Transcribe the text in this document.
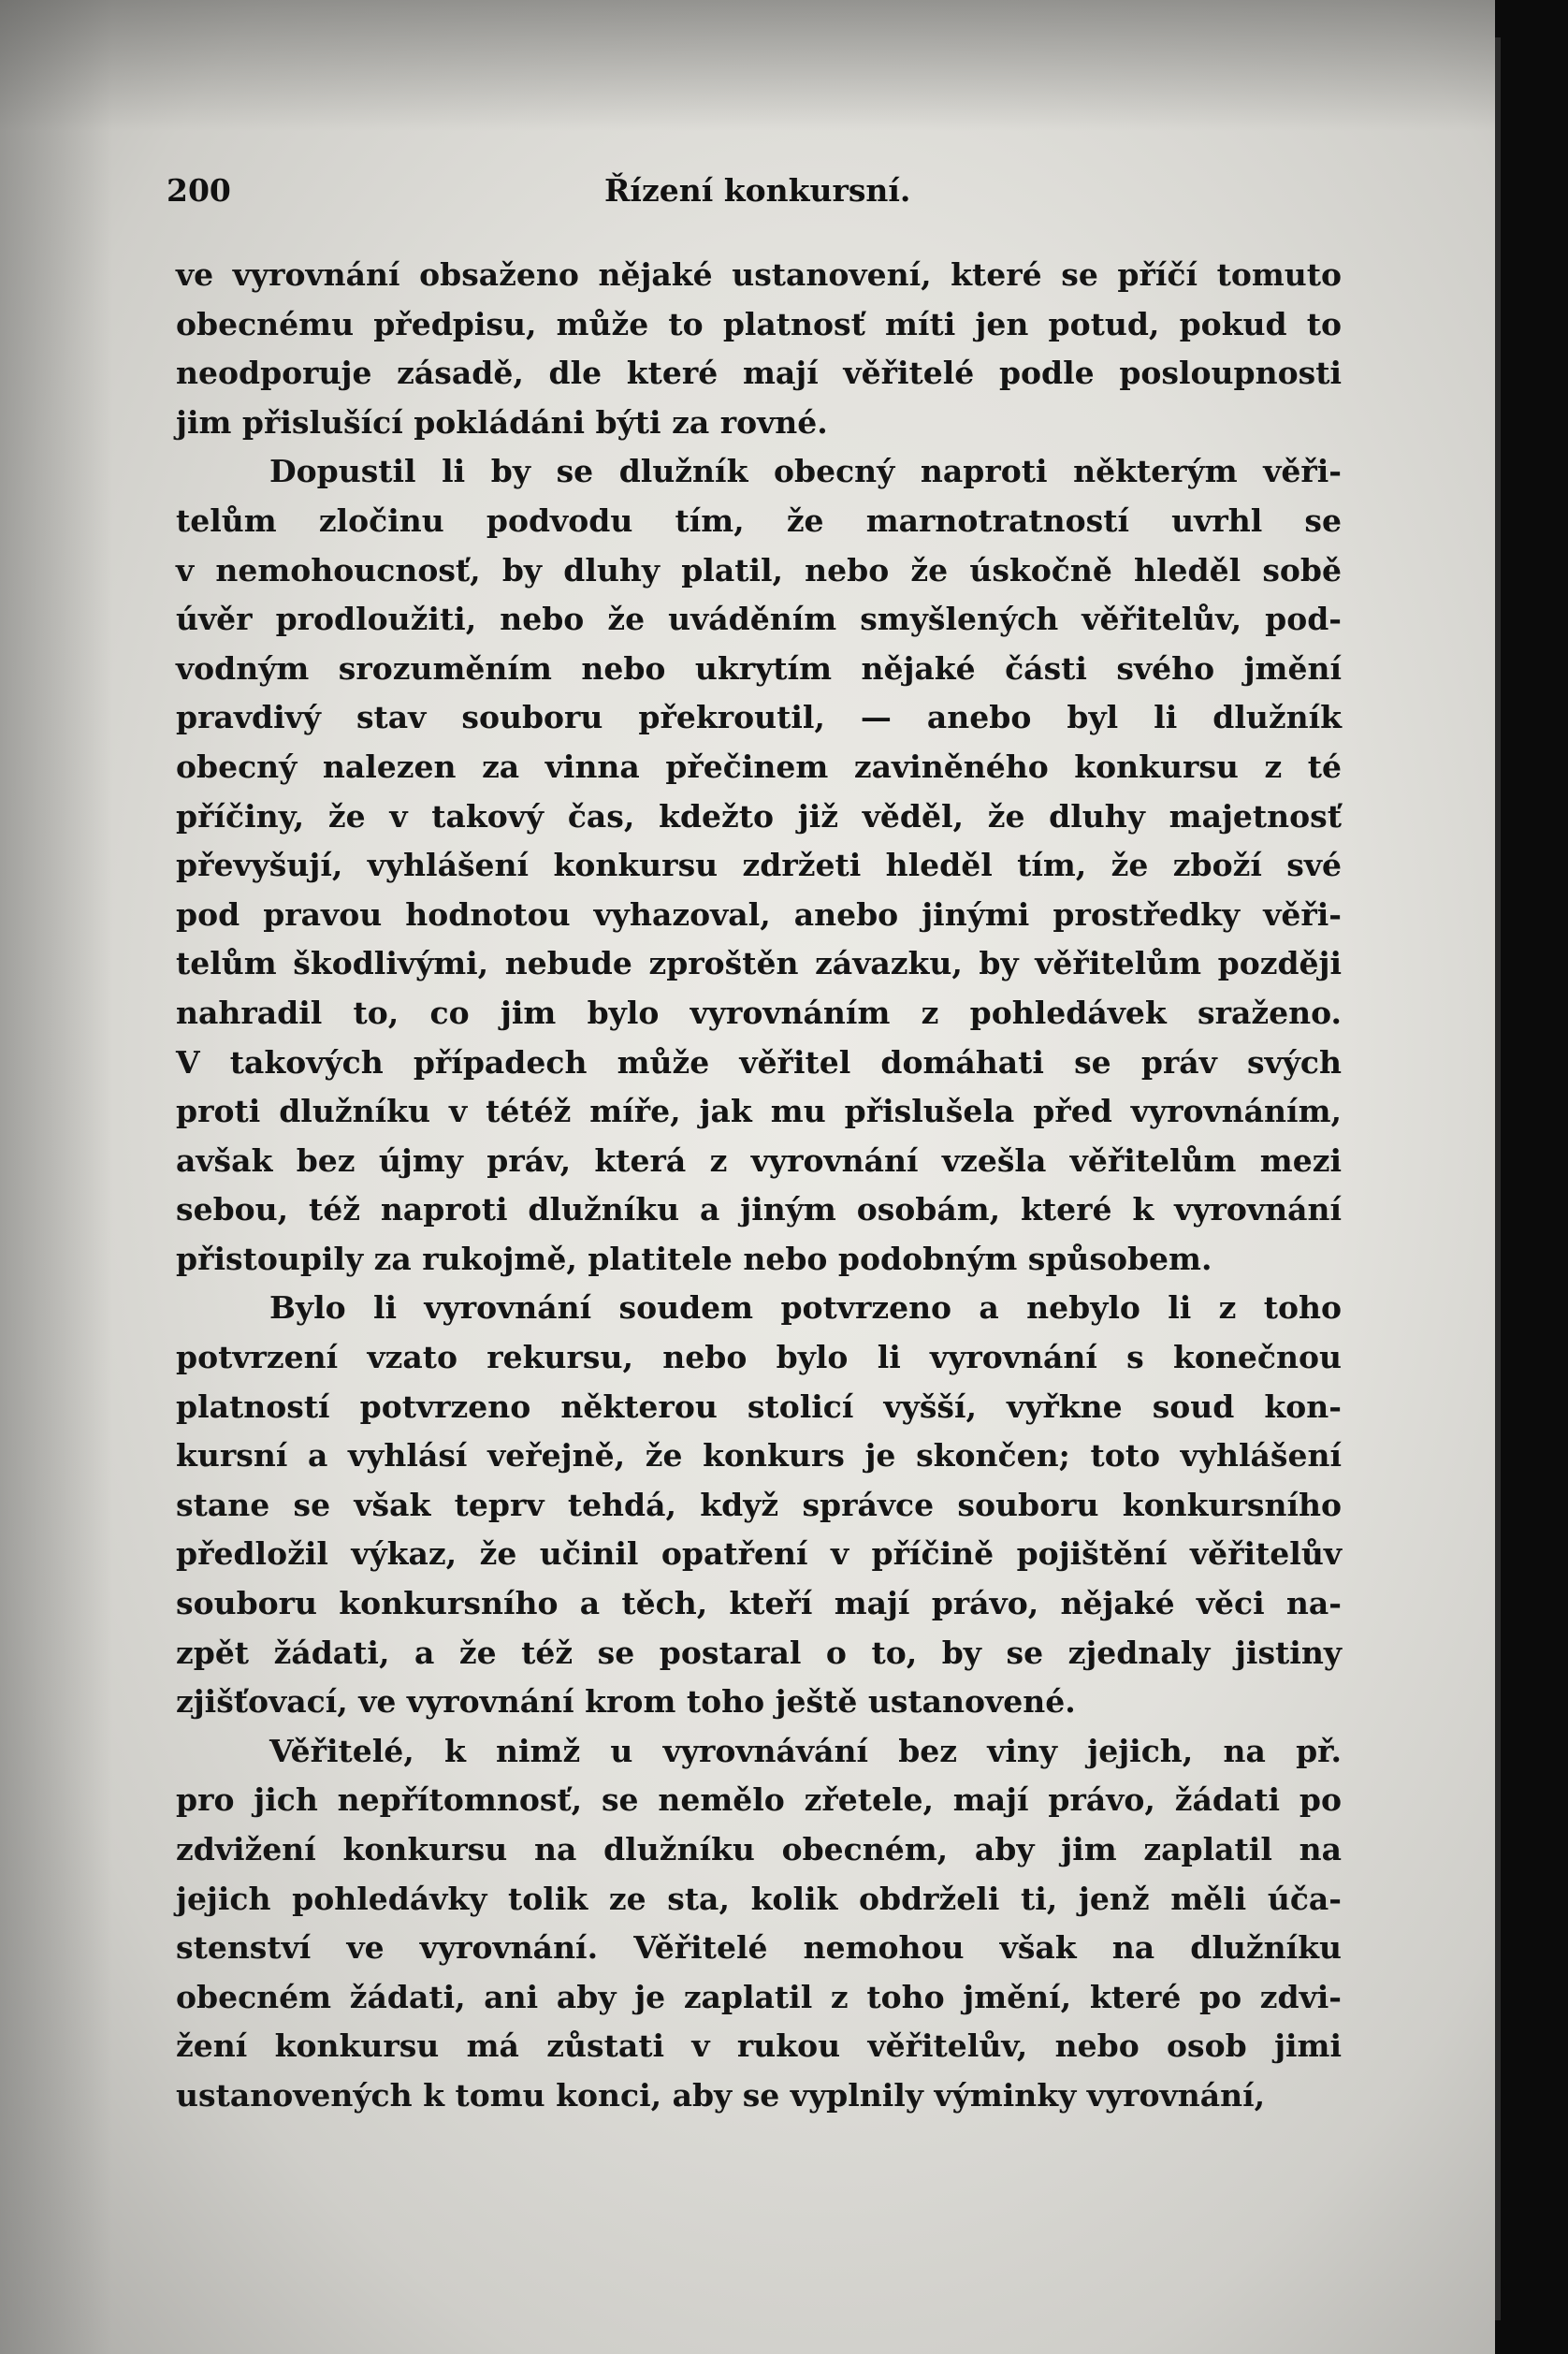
200	Řízení konkursní.
ve vyrovnání obsaženo nějaké ustanovení, které se příčí tomuto
obecnému předpisu, může to platnosť míti jen potud, pokud to
neodporuje zásadě, dle které mají věřitelé podle posloupnosti
jim přislušící pokládáni býti za rovné.
Dopustil li by se dlužník obecný naproti některým věři-
telům zločinu podvodu tím, že marnotratností uvrhl se
v nemohoucnosť, by dluhy platil, nebo že úskočně hleděl sobě
úvěr prodloužiti, nebo že uváděním smyšlených věřitelův, pod-
vodným srozuměním nebo ukrytím nějaké části svého jmění
pravdivý stav souboru překroutil, — anebo byl li dlužník
obecný nalezen za vinna přečinem zaviněného konkursu z té
příčiny, že v takový čas, kdežto již věděl, že dluhy majetnosť
převyšují, vyhlášení konkursu zdržeti hleděl tím, že zboží své
pod pravou hodnotou vyhazoval, anebo jinými prostředky věři-
telům škodlivými, nebude zproštěn závazku, by věřitelům později
nahradil to, co jim bylo vyrovnáním z pohledávek sraženo.
V takových případech může věřitel domáhati se práv svých
proti dlužníku v tétéž míře, jak mu přislušela před vyrovnáním,
avšak bez újmy práv, která z vyrovnání vzešla věřitelům mezi
sebou, též naproti dlužníku a jiným osobám, které k vyrovnání
přistoupily za rukojmě, platitele nebo podobným spůsobem.
Bylo li vyrovnání soudem potvrzeno a nebylo li z toho
potvrzení vzato rekursu, nebo bylo li vyrovnání s konečnou
platností potvrzeno některou stolicí vyšší, vyřkne soud kon-
kursní a vyhlásí veřejně, že konkurs je skončen; toto vyhlášení
stane se však teprv tehdá, když správce souboru konkursního
předložil výkaz, že učinil opatření v příčině pojištění věřitelův
souboru konkursního a těch, kteří mají právo, nějaké věci na-
zpět žádati, a že též se postaral o to, by se zjednaly jistiny
zjišťovací, ve vyrovnání krom toho ještě ustanovené.
Věřitelé, k nimž u vyrovnávání bez viny jejich, na př.
pro jich nepřítomnosť, se nemělo zřetele, mají právo, žádati po
zdvižení konkursu na dlužníku obecném, aby jim zaplatil na
jejich pohledávky tolik ze sta, kolik obdrželi ti, jenž měli úča-
stenství ve vyrovnání. Věřitelé nemohou však na dlužníku
obecném žádati, ani aby je zaplatil z toho jmění, které po zdvi-
žení konkursu má zůstati v rukou věřitelův, nebo osob jimi
ustanovených k tomu konci, aby se vyplnily výminky vyrovnání,
